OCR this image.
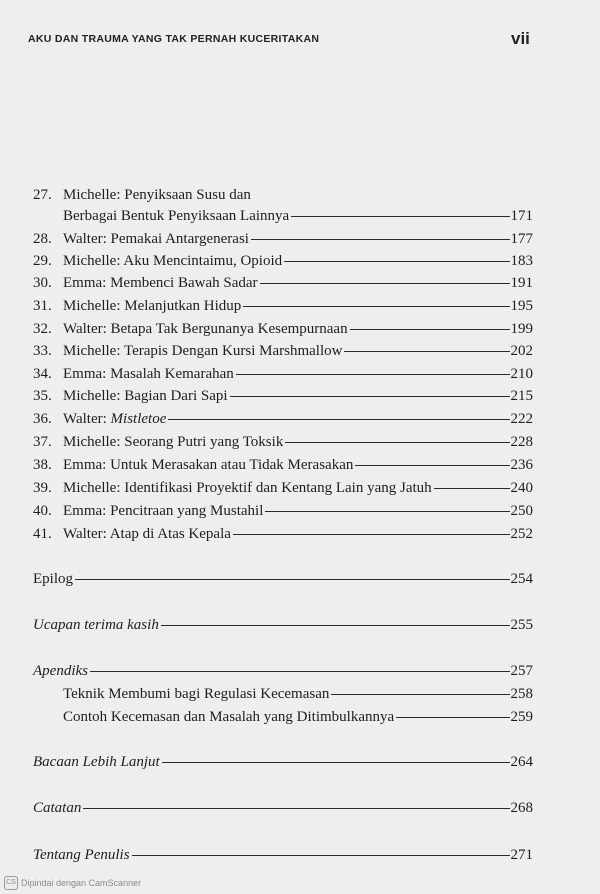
AKU DAN TRAUMA YANG TAK PERNAH KUCERITAKAN	vii
27. Michelle: Penyiksaan Susu dan
Berbagai Bentuk Penyiksaan Lainnya	171
28. Walter: Pemakai Antargenerasi	177
29. Michelle: Aku Mencintaimu, Opioid	183
30. Emma: Membenci Bawah Sadar	191
31. Michelle: Melanjutkan Hidup	195
32. Walter: Betapa Tak Bergunanya Kesempurnaan	199
33. Michelle: Terapis Dengan Kursi Marshmallow	202
34. Emma: Masalah Kemarahan	210
35. Michelle: Bagian Dari Sapi	215
36. Walter: Mistletoe	222
37. Michelle: Seorang Putri yang Toksik	228
38. Emma: Untuk Merasakan atau Tidak Merasakan	236
39. Michelle: Identifikasi Proyektif dan Kentang Lain yang Jatuh	240
40. Emma: Pencitraan yang Mustahil	250
41. Walter: Atap di Atas Kepala	252
Epilog	254
Ucapan terima kasih	255
Apendiks	257
Teknik Membumi bagi Regulasi Kecemasan	258
Contoh Kecemasan dan Masalah yang Ditimbulkannya	259
Bacaan Lebih Lanjut	264
Catatan	268
Tentang Penulis	271
CS Dipindai dengan CamScanner
